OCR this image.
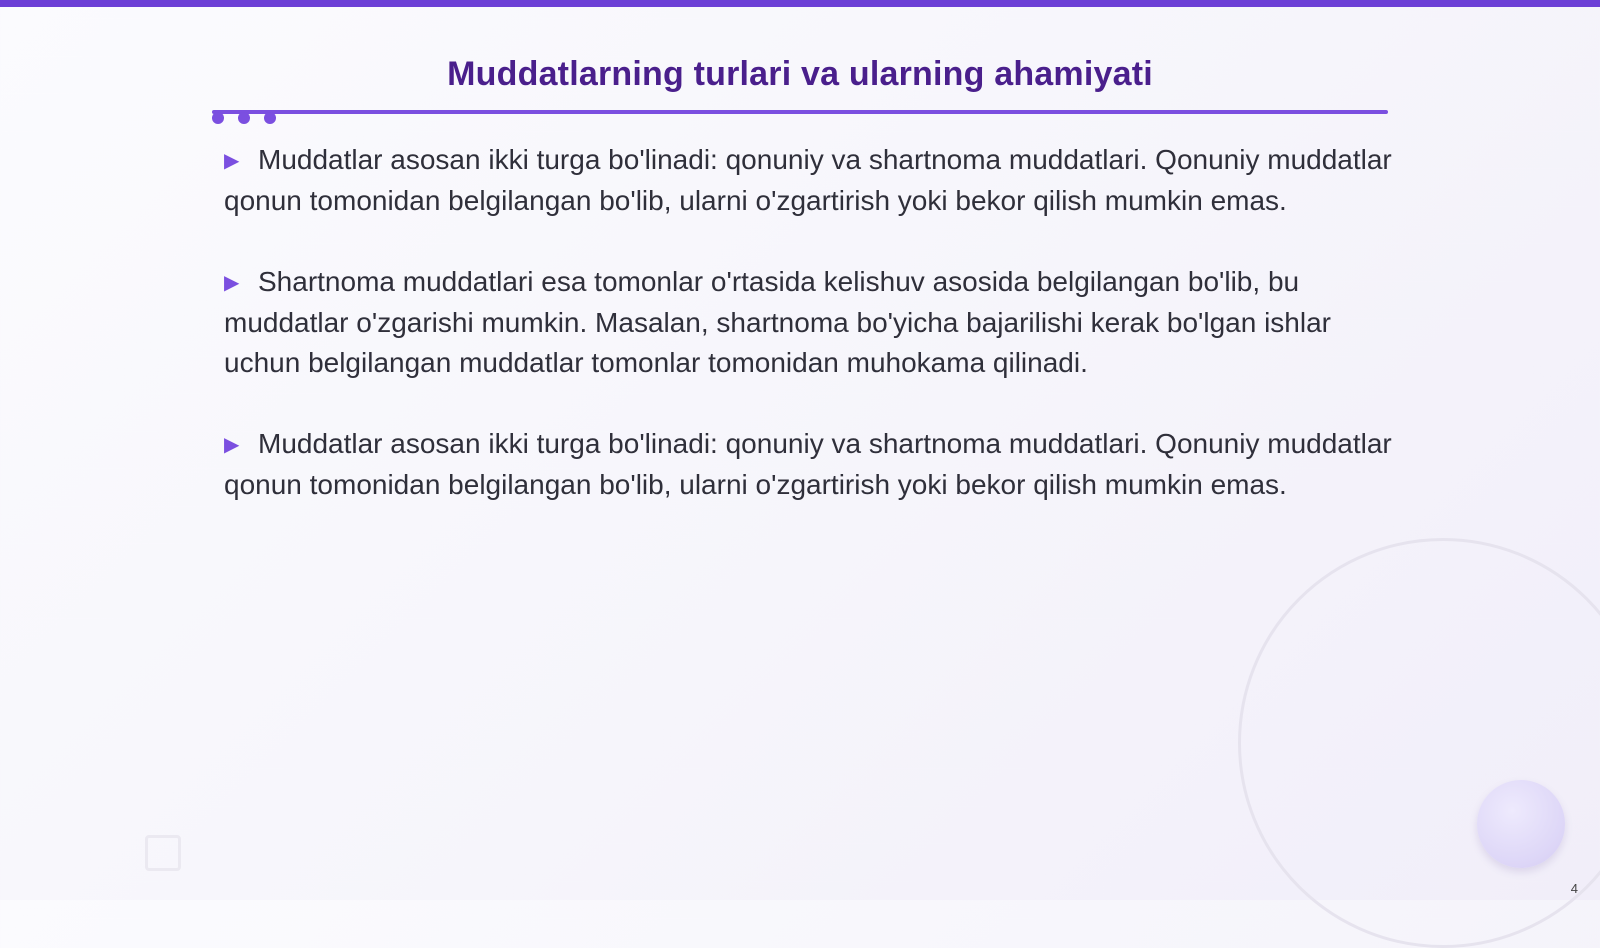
Muddatlarning turlari va ularning ahamiyati

▶ Muddatlar asosan ikki turga bo'linadi: qonuniy va shartnoma muddatlari. Qonuniy muddatlar qonun tomonidan belgilangan bo'lib, ularni o'zgartirish yoki bekor qilish mumkin emas.

▶ Shartnoma muddatlari esa tomonlar o'rtasida kelishuv asosida belgilangan bo'lib, bu muddatlar o'zgarishi mumkin. Masalan, shartnoma bo'yicha bajarilishi kerak bo'lgan ishlar uchun belgilangan muddatlar tomonlar tomonidan muhokama qilinadi.

▶ Muddatlar asosan ikki turga bo'linadi: qonuniy va shartnoma muddatlari. Qonuniy muddatlar qonun tomonidan belgilangan bo'lib, ularni o'zgartirish yoki bekor qilish mumkin emas.

4
